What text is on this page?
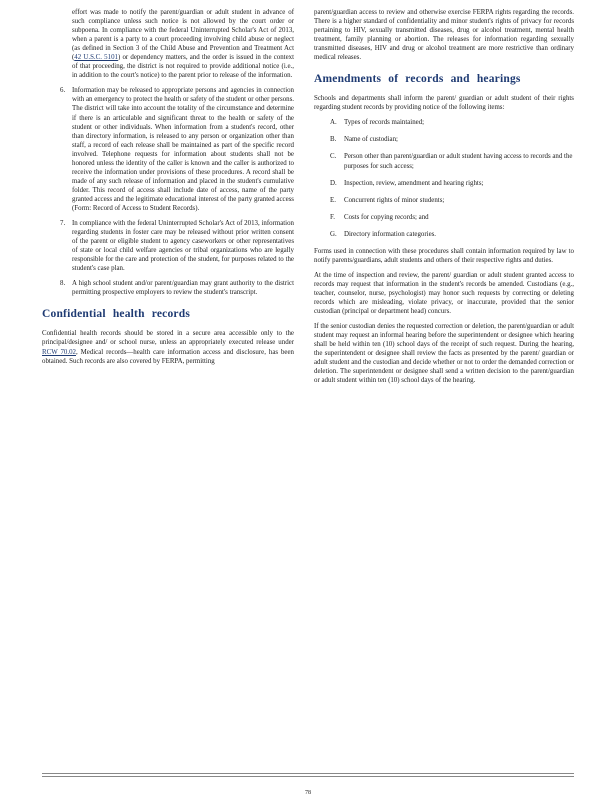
effort was made to notify the parent/guardian or adult student in advance of such compliance unless such notice is not allowed by the court order or subpoena. In compliance with the federal Uninterrupted Scholar's Act of 2013, when a parent is a party to a court proceeding involving child abuse or neglect (as defined in Section 3 of the Child Abuse and Prevention and Treatment Act (42 U.S.C. 5101) or dependency matters, and the order is issued in the context of that proceeding, the district is not required to provide additional notice (i.e., in addition to the court's notice) to the parent prior to release of the information.

6. Information may be released to appropriate persons and agencies in connection with an emergency to protect the health or safety of the student or other persons. The district will take into account the totality of the circumstance and determine if there is an articulable and significant threat to the health or safety of the student or other individuals. When information from a student's record, other than directory information, is released to any person or organization other than staff, a record of each release shall be maintained as part of the specific record involved. Telephone requests for information about students shall not be honored unless the identity of the caller is known and the caller is authorized to receive the information under provisions of these procedures. A record shall be made of any such release of information and placed in the student's cumulative folder. This record of access shall include date of access, name of the party granted access and the legitimate educational interest of the party granted access (Form: Record of Access to Student Records).
7. In compliance with the federal Uninterrupted Scholar's Act of 2013, information regarding students in foster care may be released without prior written consent of the parent or eligible student to agency caseworkers or other representatives of state or local child welfare agencies or tribal organizations who are legally responsible for the care and protection of the student, for purposes related to the student's case plan.
8. A high school student and/or parent/guardian may grant authority to the district permitting prospective employers to review the student's transcript.
Confidential health records

Confidential health records should be stored in a secure area accessible only to the principal/designee and/ or school nurse, unless an appropriately executed release under RCW 70.02, Medical records—health care information access and disclosure, has been obtained. Such records are also covered by FERPA, permitting

parent/guardian access to review and otherwise exercise FERPA rights regarding the records. There is a higher standard of confidentiality and minor student's rights of privacy for records pertaining to HIV, sexually transmitted diseases, drug or alcohol treatment, mental health treatment, family planning or abortion. The releases for information regarding sexually transmitted diseases, HIV and drug or alcohol treatment are more restrictive than ordinary medical releases.

Amendments of records and hearings

Schools and departments shall inform the parent/ guardian or adult student of their rights regarding student records by providing notice of the following items:

A. Types of records maintained;
B. Name of custodian;
C. Person other than parent/guardian or adult student having access to records and the purposes for such access;
D. Inspection, review, amendment and hearing rights;
E. Concurrent rights of minor students;
F. Costs for copying records; and
G. Directory information categories.

Forms used in connection with these procedures shall contain information required by law to notify parents/guardians, adult students and others of their respective rights and duties.

At the time of inspection and review, the parent/ guardian or adult student granted access to records may request that information in the student's records be amended. Custodians (e.g., teacher, counselor, nurse, psychologist) may honor such requests by correcting or deleting records which are misleading, violate privacy, or inaccurate, provided that the senior custodian (principal or department head) concurs.

If the senior custodian denies the requested correction or deletion, the parent/guardian or adult student may request an informal hearing before the superintendent or designee which hearing shall be held within ten (10) school days of the receipt of such request. During the hearing, the superintendent or designee shall review the facts as presented by the parent/ guardian or adult student and the custodian and decide whether or not to order the demanded correction or deletion. The superintendent or designee shall send a written decision to the parent/guardian or adult student within ten (10) school days of the hearing.

78
